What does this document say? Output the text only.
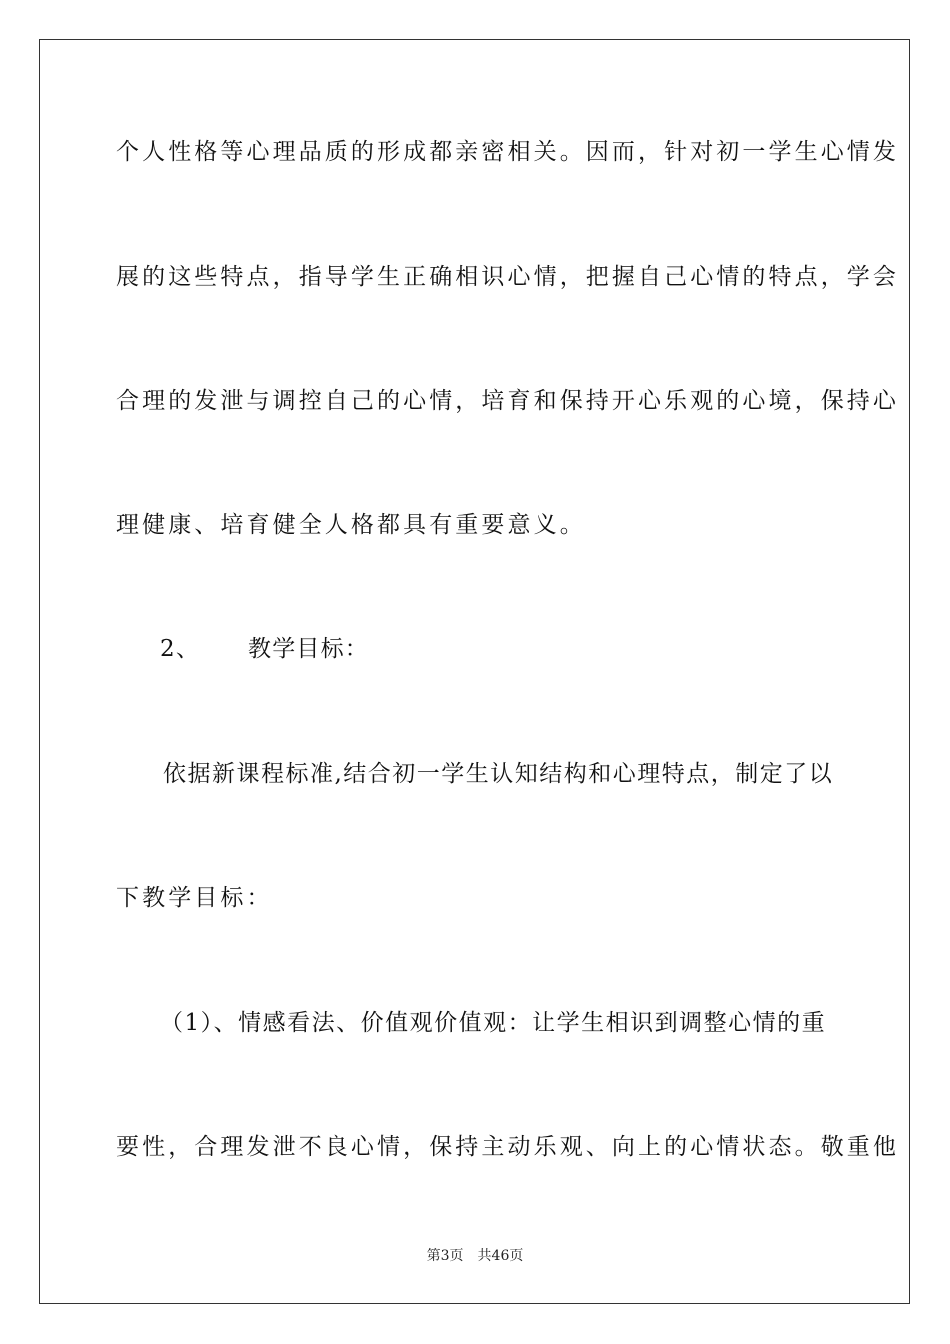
个人性格等心理品质的形成都亲密相关。因而，针对初一学生心情发
展的这些特点，指导学生正确相识心情，把握自己心情的特点，学会
合理的发泄与调控自己的心情，培育和保持开心乐观的心境，保持心
理健康、培育健全人格都具有重要意义。
2、 教学目标：
依据新课程标准,结合初一学生认知结构和心理特点，制定了以
下教学目标：
（1）、情感看法、价值观价值观：让学生相识到调整心情的重
要性，合理发泄不良心情，保持主动乐观、向上的心情状态。敬重他
第3页 共46页
